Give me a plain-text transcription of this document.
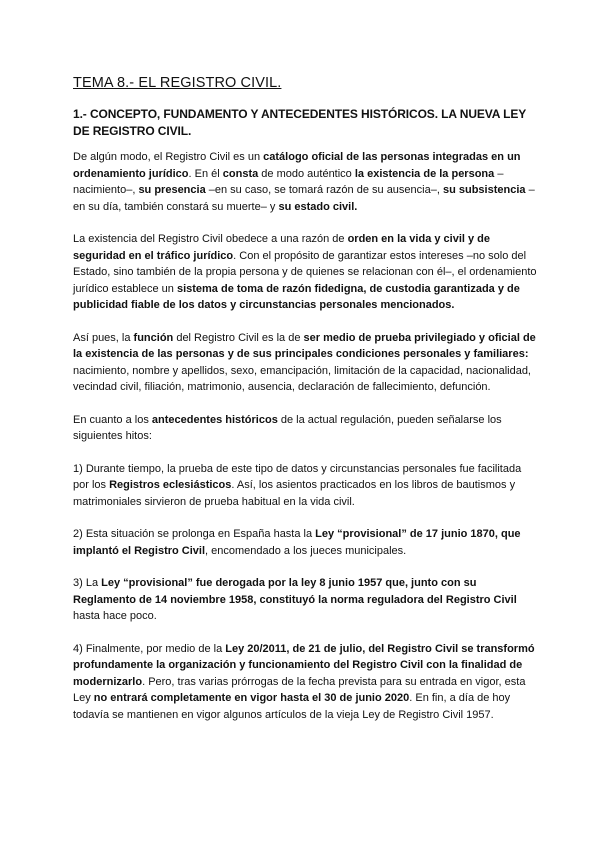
TEMA 8.- EL REGISTRO CIVIL.
1.- CONCEPTO, FUNDAMENTO Y ANTECEDENTES HISTÓRICOS. LA NUEVA LEY DE REGISTRO CIVIL.

De algún modo, el Registro Civil es un catálogo oficial de las personas integradas en un ordenamiento jurídico. En él consta de modo auténtico la existencia de la persona –nacimiento–, su presencia –en su caso, se tomará razón de su ausencia–, su subsistencia –en su día, también constará su muerte– y su estado civil.

La existencia del Registro Civil obedece a una razón de orden en la vida y civil y de seguridad en el tráfico jurídico. Con el propósito de garantizar estos intereses –no solo del Estado, sino también de la propia persona y de quienes se relacionan con él–, el ordenamiento jurídico establece un sistema de toma de razón fidedigna, de custodia garantizada y de publicidad fiable de los datos y circunstancias personales mencionados.

Así pues, la función del Registro Civil es la de ser medio de prueba privilegiado y oficial de la existencia de las personas y de sus principales condiciones personales y familiares: nacimiento, nombre y apellidos, sexo, emancipación, limitación de la capacidad, nacionalidad, vecindad civil, filiación, matrimonio, ausencia, declaración de fallecimiento, defunción.

En cuanto a los antecedentes históricos de la actual regulación, pueden señalarse los siguientes hitos:

1) Durante tiempo, la prueba de este tipo de datos y circunstancias personales fue facilitada por los Registros eclesiásticos. Así, los asientos practicados en los libros de bautismos y matrimoniales sirvieron de prueba habitual en la vida civil.

2) Esta situación se prolonga en España hasta la Ley “provisional” de 17 junio 1870, que implantó el Registro Civil, encomendado a los jueces municipales.

3) La Ley “provisional” fue derogada por la ley 8 junio 1957 que, junto con su Reglamento de 14 noviembre 1958, constituyó la norma reguladora del Registro Civil hasta hace poco.

4) Finalmente, por medio de la Ley 20/2011, de 21 de julio, del Registro Civil se transformó profundamente la organización y funcionamiento del Registro Civil con la finalidad de modernizarlo. Pero, tras varias prórrogas de la fecha prevista para su entrada en vigor, esta Ley no entrará completamente en vigor hasta el 30 de junio 2020. En fin, a día de hoy todavía se mantienen en vigor algunos artículos de la vieja Ley de Registro Civil 1957.
